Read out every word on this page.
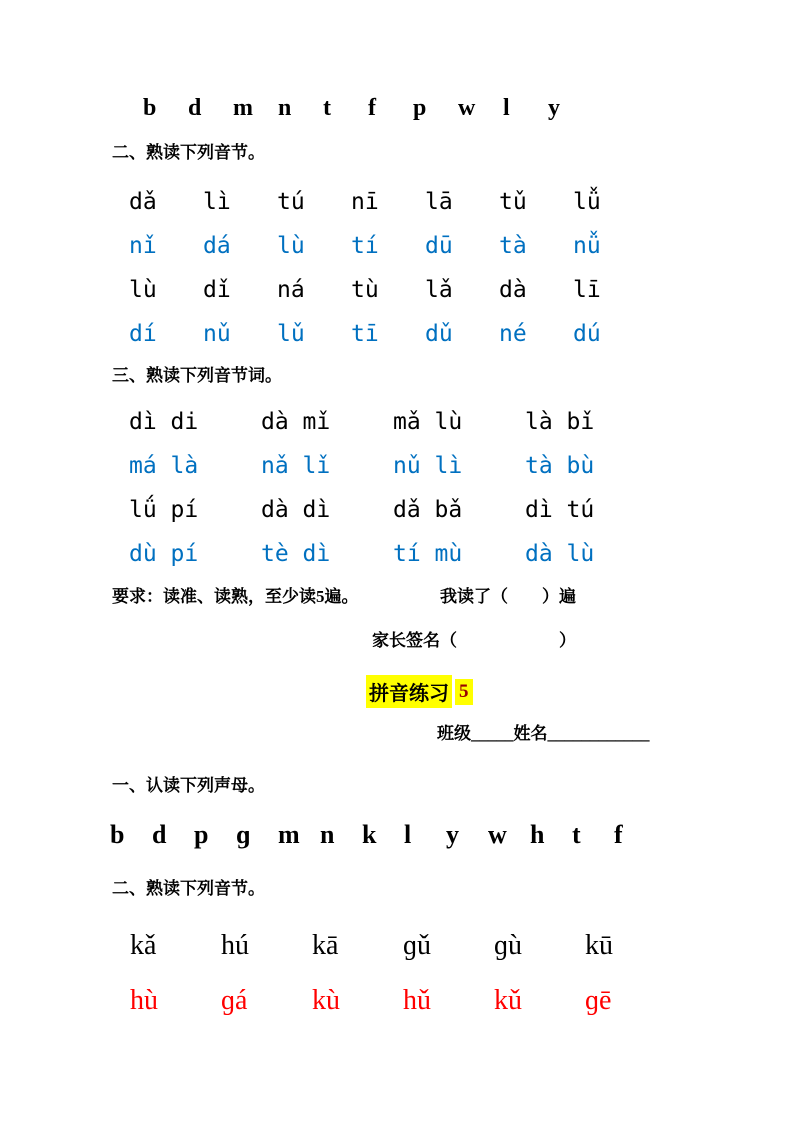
b	d	m	n	t	f	p	w	l	y
二、熟读下列音节。
dǎ	lì	tú	nī	lā	tǔ	lǚ
nǐ	dá	lù	tí	dū	tà	nǚ
lù	dǐ	ná	tù	lǎ	dà	lī
dí	nǔ	lǔ	tī	dǔ	né	dú
三、熟读下列音节词。
dì di	dà mǐ	mǎ lù	là bǐ
má là	nǎ lǐ	nǔ lì	tà bù
lǘ pí	dà dì	dǎ bǎ	dì tú
dù pí	tè dì	tí mù	dà lù
要求：读准、读熟，至少读5遍。	我读了（　　）遍
家长签名（　　　　　　）
拼音练习 5
班级_____姓名____________
一、认读下列声母。
b	d	p	ɡ	m n	k	l	y	w h	t	f
二、熟读下列音节。
kǎ	hú	kā	ɡǔ	ɡù	kū
hù	ɡá	kù	hǔ	kǔ	ɡē
